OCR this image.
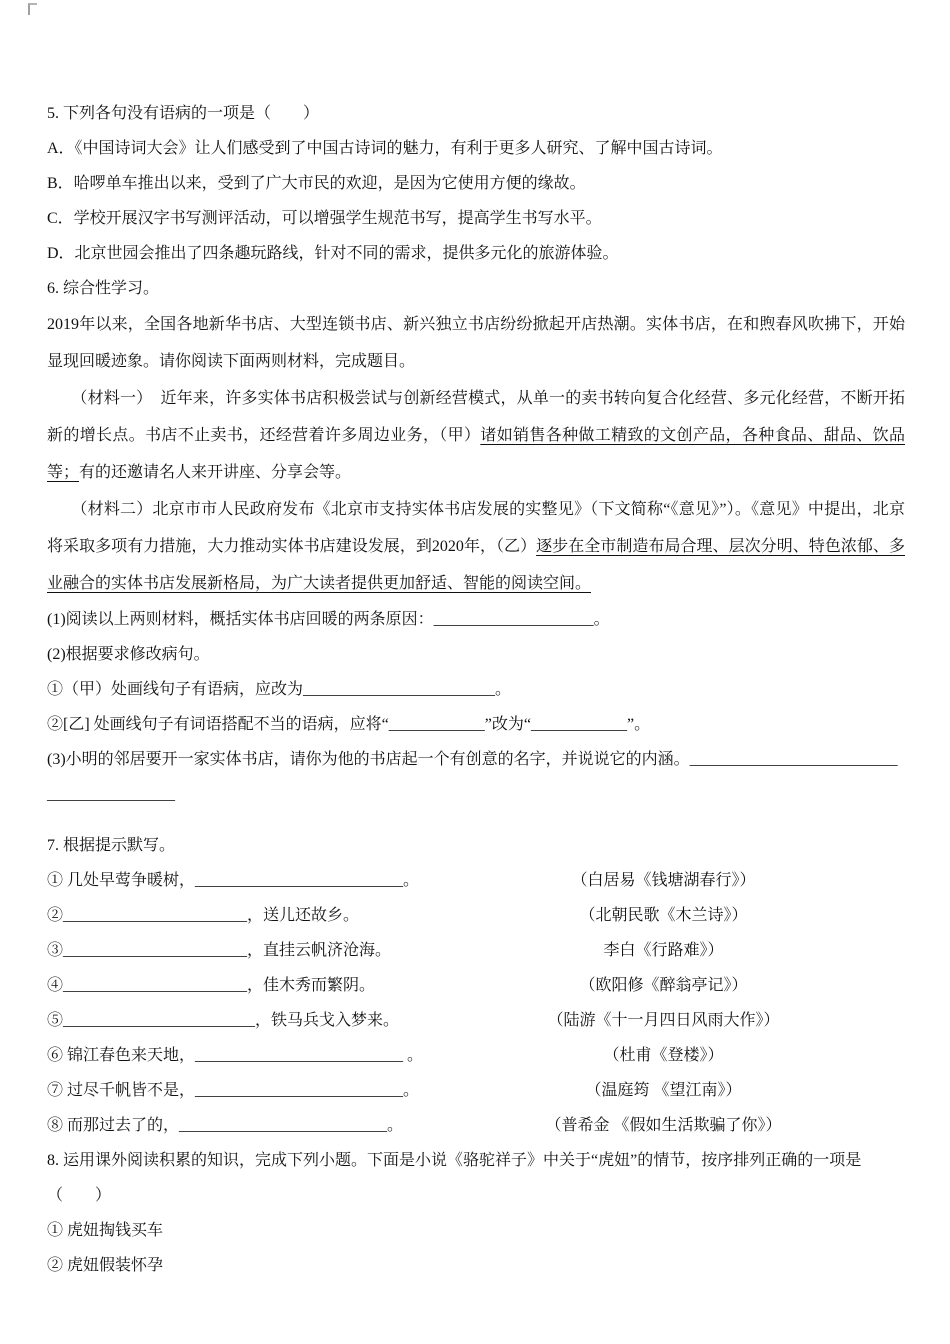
5. 下列各句没有语病的一项是（　　）
A．《中国诗词大会》让人们感受到了中国古诗词的魅力，有利于更多人研究、了解中国古诗词。
B．哈啰单车推出以来，受到了广大市民的欢迎，是因为它使用方便的缘故。
C．学校开展汉字书写测评活动，可以增强学生规范书写，提高学生书写水平。
D．北京世园会推出了四条趣玩路线，针对不同的需求，提供多元化的旅游体验。
6. 综合性学习。
2019年以来，全国各地新华书店、大型连锁书店、新兴独立书店纷纷掀起开店热潮。实体书店，在和煦春风吹拂下，开始显现回暖迹象。请你阅读下面两则材料，完成题目。
　　（材料一）　近年来，许多实体书店积极尝试与创新经营模式，从单一的卖书转向复合化经营、多元化经营，不断开拓新的增长点。书店不止卖书，还经营着许多周边业务，（甲）诸如销售各种做工精致的文创产品，各种食品、甜品、饮品等；有的还邀请名人来开讲座、分享会等。
　　（材料二）北京市市人民政府发布《北京市支持实体书店发展的实整见》（下文简称“《意见》”）。《意见》中提出，北京将采取多项有力措施，大力推动实体书店建设发展，到2020年，（乙）逐步在全市制造布局合理、层次分明、特色浓郁、多业融合的实体书店发展新格局，为广大读者提供更加舒适、智能的阅读空间。
(1)阅读以上两则材料，概括实体书店回暖的两条原因：____________________。
(2)根据要求修改病句。
①（甲）处画线句子有语病，应改为________________________。
②[乙] 处画线句子有词语搭配不当的语病，应将“____________”改为“____________”。
(3)小明的邻居要开一家实体书店，请你为他的书店起一个有创意的名字，并说说它的内涵。__________________________
________________
7. 根据提示默写。
① 几处早莺争暖树，__________________________。	（白居易《钱塘湖春行》）
②_______________________，送儿还故乡。	（北朝民歌《木兰诗》）
③_______________________，直挂云帆济沧海。	李白《行路难》）
④_______________________，佳木秀而繁阴。	（欧阳修《醉翁亭记》）
⑤________________________，铁马兵戈入梦来。	（陆游《十一月四日风雨大作》）
⑥ 锦江春色来天地，__________________________ 。	（杜甫《登楼》）
⑦ 过尽千帆皆不是，__________________________。	（温庭筠 《望江南》）
⑧ 而那过去了的，__________________________。	（普希金 《假如生活欺骗了你》）
8. 运用课外阅读积累的知识，完成下列小题。下面是小说《骆驼祥子》中关于“虎妞”的情节，按序排列正确的一项是
（　　）
① 虎妞掏钱买车
② 虎妞假装怀孕
